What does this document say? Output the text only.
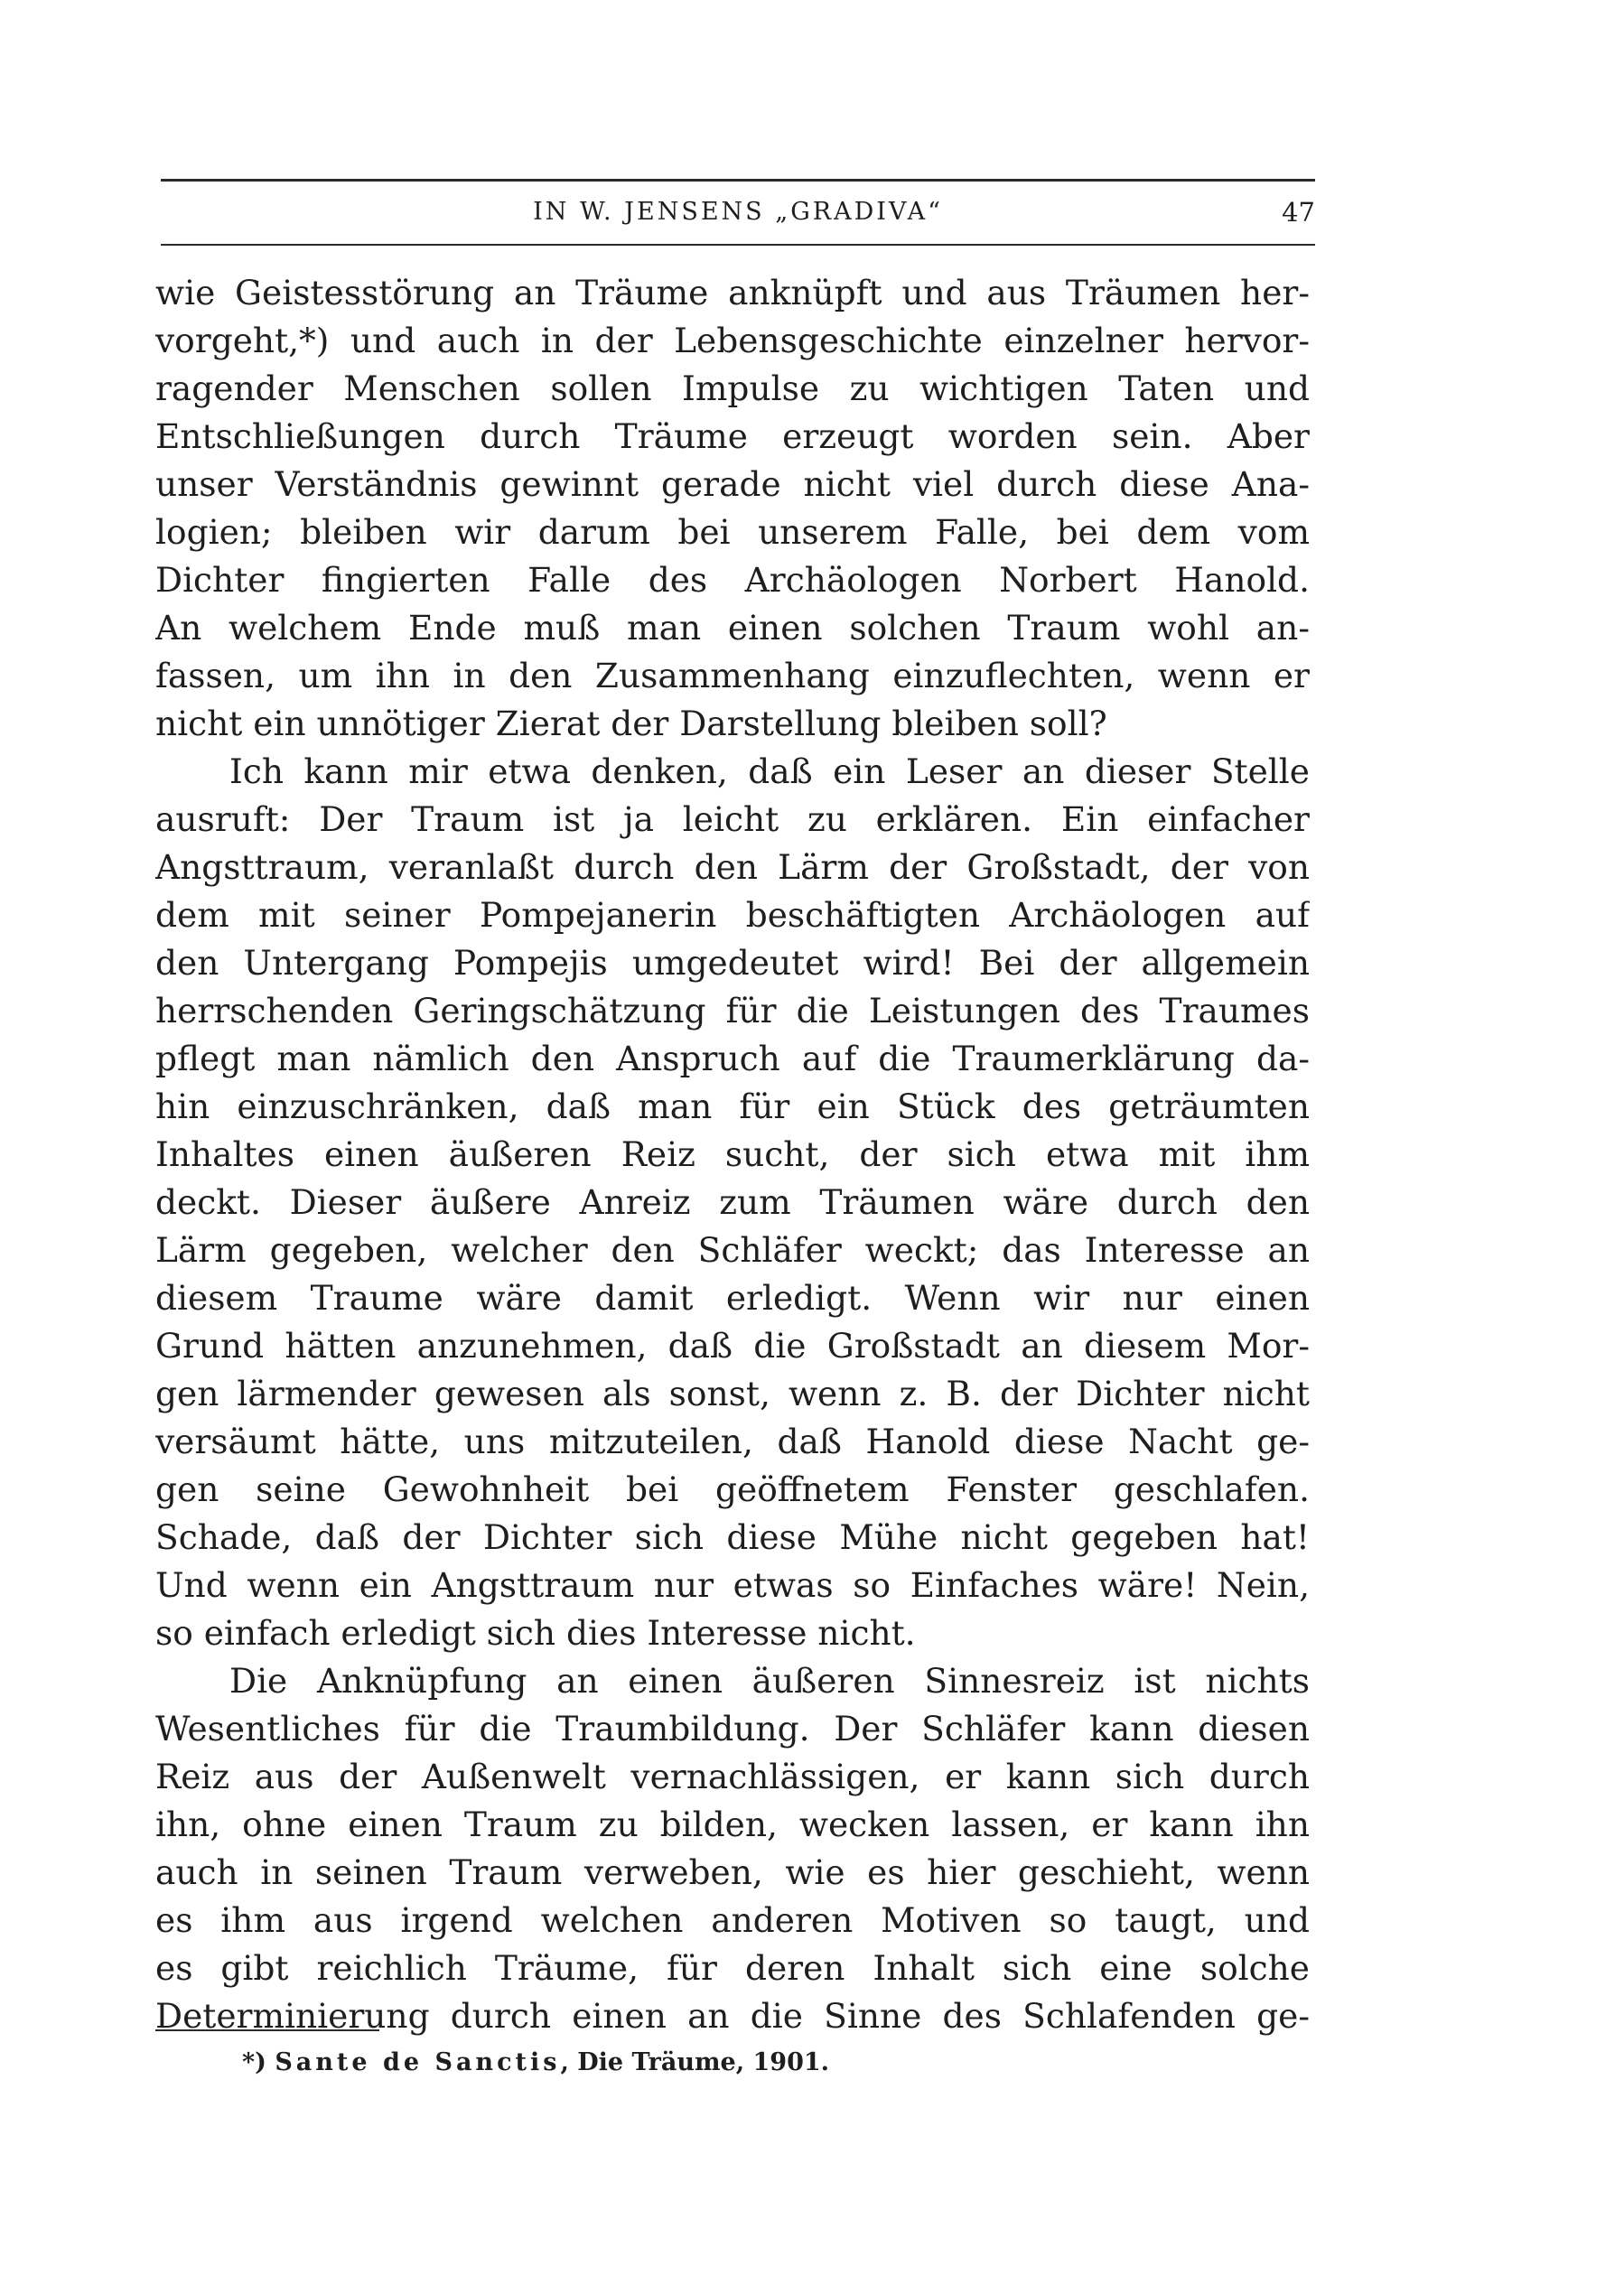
IN W. JENSENS „GRADIVA“	47
wie Geistesstörung an Träume anknüpft und aus Träumen her-
vorgeht,*) und auch in der Lebensgeschichte einzelner hervor-
ragender Menschen sollen Impulse zu wichtigen Taten und
Entschließungen durch Träume erzeugt worden sein. Aber
unser Verständnis gewinnt gerade nicht viel durch diese Ana-
logien; bleiben wir darum bei unserem Falle, bei dem vom
Dichter fingierten Falle des Archäologen Norbert Hanold.
An welchem Ende muß man einen solchen Traum wohl an-
fassen, um ihn in den Zusammenhang einzuflechten, wenn er
nicht ein unnötiger Zierat der Darstellung bleiben soll?
Ich kann mir etwa denken, daß ein Leser an dieser Stelle
ausruft: Der Traum ist ja leicht zu erklären. Ein einfacher
Angsttraum, veranlaßt durch den Lärm der Großstadt, der von
dem mit seiner Pompejanerin beschäftigten Archäologen auf
den Untergang Pompejis umgedeutet wird! Bei der allgemein
herrschenden Geringschätzung für die Leistungen des Traumes
pflegt man nämlich den Anspruch auf die Traumerklärung da-
hin einzuschränken, daß man für ein Stück des geträumten
Inhaltes einen äußeren Reiz sucht, der sich etwa mit ihm
deckt. Dieser äußere Anreiz zum Träumen wäre durch den
Lärm gegeben, welcher den Schläfer weckt; das Interesse an
diesem Traume wäre damit erledigt. Wenn wir nur einen
Grund hätten anzunehmen, daß die Großstadt an diesem Mor-
gen lärmender gewesen als sonst, wenn z. B. der Dichter nicht
versäumt hätte, uns mitzuteilen, daß Hanold diese Nacht ge-
gen seine Gewohnheit bei geöffnetem Fenster geschlafen.
Schade, daß der Dichter sich diese Mühe nicht gegeben hat!
Und wenn ein Angsttraum nur etwas so Einfaches wäre! Nein,
so einfach erledigt sich dies Interesse nicht.
Die Anknüpfung an einen äußeren Sinnesreiz ist nichts
Wesentliches für die Traumbildung. Der Schläfer kann diesen
Reiz aus der Außenwelt vernachlässigen, er kann sich durch
ihn, ohne einen Traum zu bilden, wecken lassen, er kann ihn
auch in seinen Traum verweben, wie es hier geschieht, wenn
es ihm aus irgend welchen anderen Motiven so taugt, und
es gibt reichlich Träume, für deren Inhalt sich eine solche
Determinierung durch einen an die Sinne des Schlafenden ge-
*) Sante de Sanctis, Die Träume, 1901.
